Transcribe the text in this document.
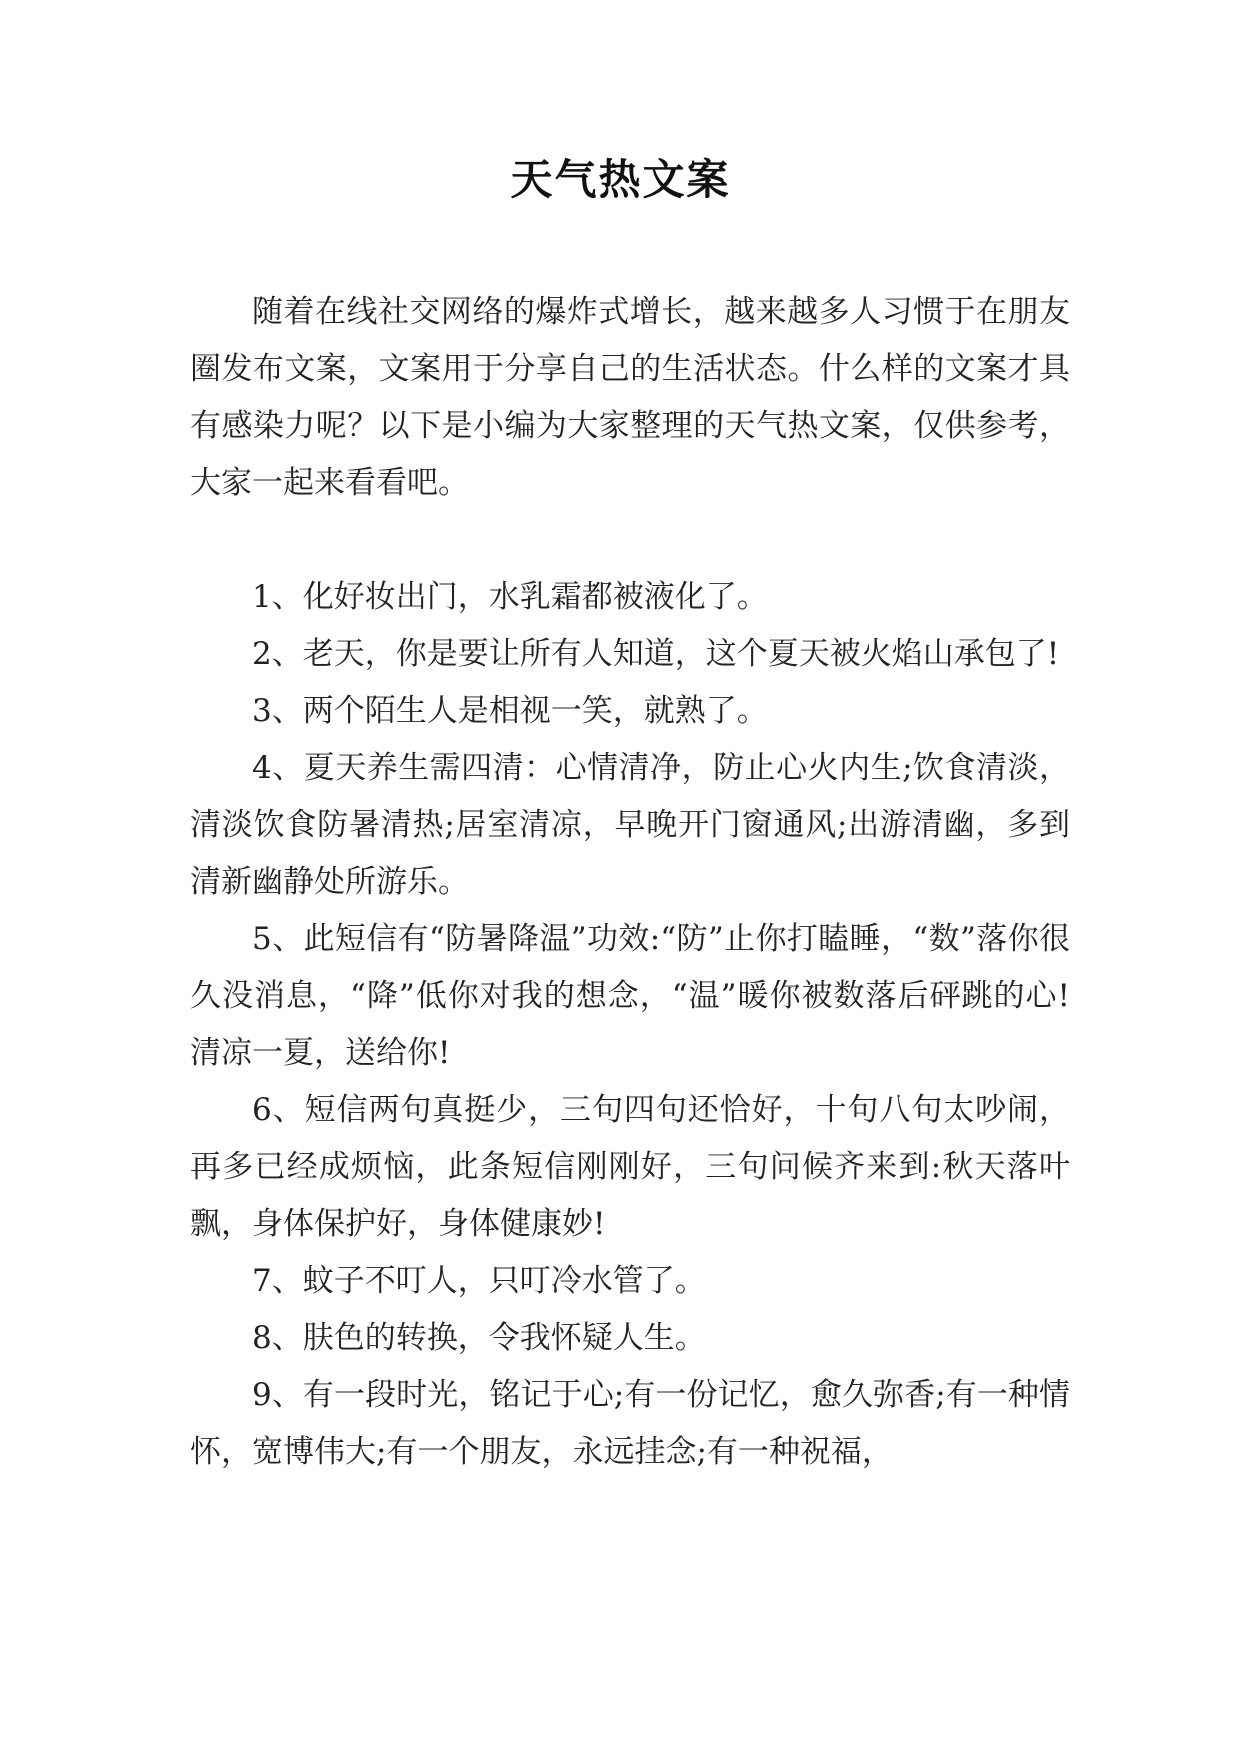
天气热文案

随着在线社交网络的爆炸式增长，越来越多人习惯于在朋友圈发布文案，文案用于分享自己的生活状态。什么样的文案才具有感染力呢？以下是小编为大家整理的天气热文案，仅供参考，大家一起来看看吧。

1、化好妆出门，水乳霜都被液化了。

2、老天，你是要让所有人知道，这个夏天被火焰山承包了!

3、两个陌生人是相视一笑，就熟了。

4、夏天养生需四清：心情清净，防止心火内生;饮食清淡，清淡饮食防暑清热;居室清凉，早晚开门窗通风;出游清幽，多到清新幽静处所游乐。

5、此短信有“防暑降温”功效:“防”止你打瞌睡，“数”落你很久没消息，“降”低你对我的想念，“温”暖你被数落后砰跳的心!清凉一夏，送给你!

6、短信两句真挺少，三句四句还恰好，十句八句太吵闹，再多已经成烦恼，此条短信刚刚好，三句问候齐来到:秋天落叶飘，身体保护好，身体健康妙!

7、蚊子不叮人，只叮冷水管了。

8、肤色的转换，令我怀疑人生。

9、有一段时光，铭记于心;有一份记忆，愈久弥香;有一种情怀，宽博伟大;有一个朋友，永远挂念;有一种祝福，
